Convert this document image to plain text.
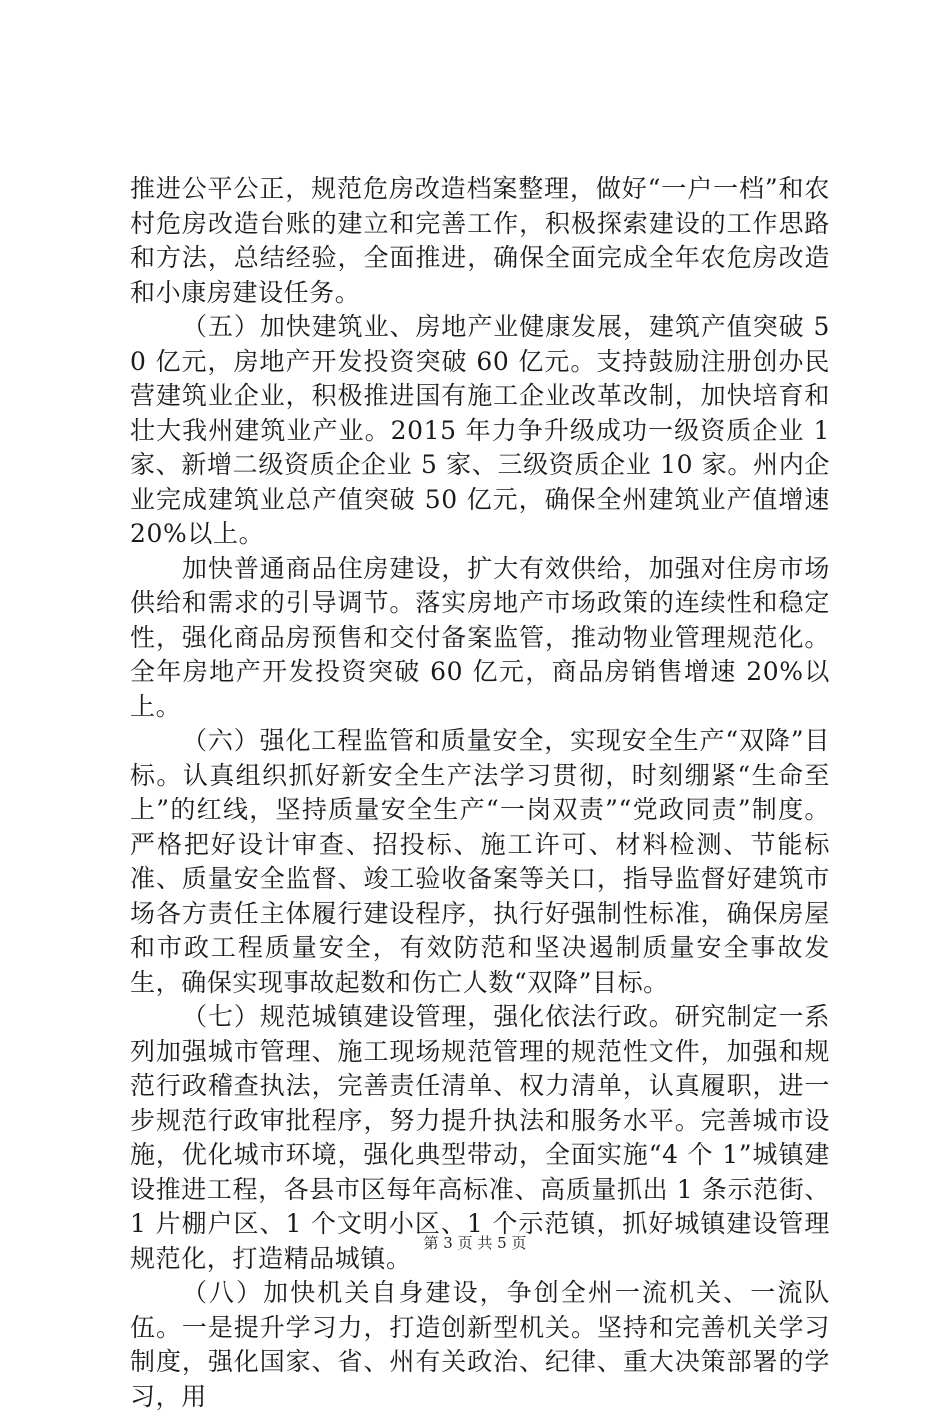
推进公平公正，规范危房改造档案整理，做好“一户一档”和农村危房改造台账的建立和完善工作，积极探索建设的工作思路和方法，总结经验，全面推进，确保全面完成全年农危房改造和小康房建设任务。

（五）加快建筑业、房地产业健康发展，建筑产值突破 50 亿元，房地产开发投资突破 60 亿元。支持鼓励注册创办民营建筑业企业，积极推进国有施工企业改革改制，加快培育和壮大我州建筑业产业。2015 年力争升级成功一级资质企业 1 家、新增二级资质企企业 5 家、三级资质企业 10 家。州内企业完成建筑业总产值突破 50 亿元，确保全州建筑业产值增速 20%以上。

加快普通商品住房建设，扩大有效供给，加强对住房市场供给和需求的引导调节。落实房地产市场政策的连续性和稳定性，强化商品房预售和交付备案监管，推动物业管理规范化。全年房地产开发投资突破 60 亿元，商品房销售增速 20%以上。

（六）强化工程监管和质量安全，实现安全生产“双降”目标。认真组织抓好新安全生产法学习贯彻，时刻绷紧“生命至上”的红线，坚持质量安全生产“一岗双责”“党政同责”制度。严格把好设计审查、招投标、施工许可、材料检测、节能标准、质量安全监督、竣工验收备案等关口，指导监督好建筑市场各方责任主体履行建设程序，执行好强制性标准，确保房屋和市政工程质量安全，有效防范和坚决遏制质量安全事故发生，确保实现事故起数和伤亡人数“双降”目标。

（七）规范城镇建设管理，强化依法行政。研究制定一系列加强城市管理、施工现场规范管理的规范性文件，加强和规范行政稽查执法，完善责任清单、权力清单，认真履职，进一步规范行政审批程序，努力提升执法和服务水平。完善城市设施，优化城市环境，强化典型带动，全面实施“4 个 1”城镇建设推进工程，各县市区每年高标准、高质量抓出 1 条示范街、1 片棚户区、1 个文明小区、1 个示范镇，抓好城镇建设管理规范化，打造精品城镇。

（八）加快机关自身建设，争创全州一流机关、一流队伍。一是提升学习力，打造创新型机关。坚持和完善机关学习制度，强化国家、省、州有关政治、纪律、重大决策部署的学习，用

第 3 页 共 5 页
